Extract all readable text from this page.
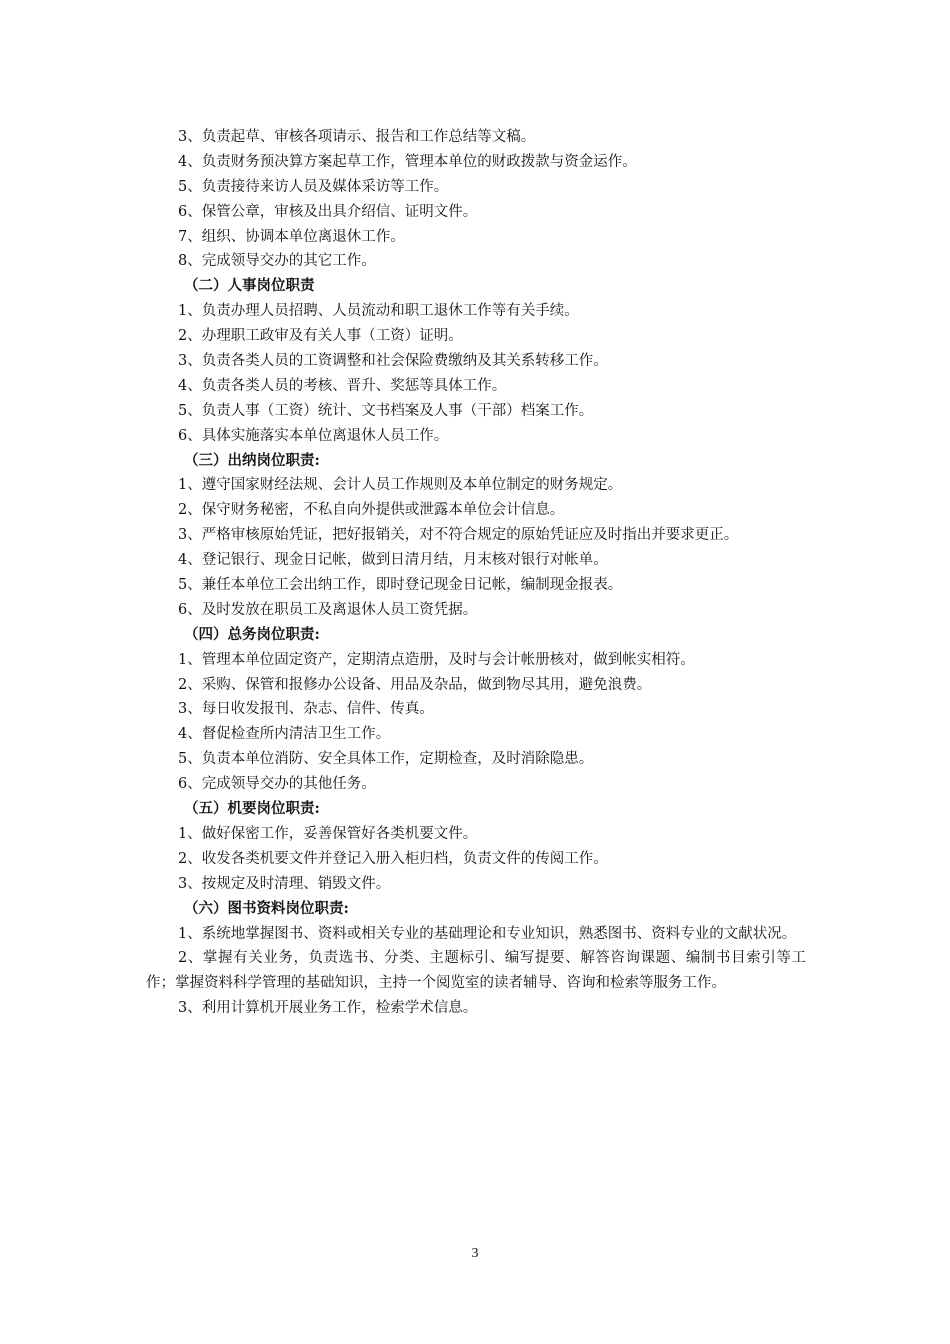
3、负责起草、审核各项请示、报告和工作总结等文稿。
4、负责财务预决算方案起草工作，管理本单位的财政拨款与资金运作。
5、负责接待来访人员及媒体采访等工作。
6、保管公章，审核及出具介绍信、证明文件。
7、组织、协调本单位离退休工作。
8、完成领导交办的其它工作。
（二）人事岗位职责
1、负责办理人员招聘、人员流动和职工退休工作等有关手续。
2、办理职工政审及有关人事（工资）证明。
3、负责各类人员的工资调整和社会保险费缴纳及其关系转移工作。
4、负责各类人员的考核、晋升、奖惩等具体工作。
5、负责人事（工资）统计、文书档案及人事（干部）档案工作。
6、具体实施落实本单位离退休人员工作。
（三）出纳岗位职责:
1、遵守国家财经法规、会计人员工作规则及本单位制定的财务规定。
2、保守财务秘密，不私自向外提供或泄露本单位会计信息。
3、严格审核原始凭证，把好报销关，对不符合规定的原始凭证应及时指出并要求更正。
4、登记银行、现金日记帐，做到日清月结，月末核对银行对帐单。
5、兼任本单位工会出纳工作，即时登记现金日记帐，编制现金报表。
6、及时发放在职员工及离退休人员工资凭据。
（四）总务岗位职责:
1、管理本单位固定资产，定期清点造册，及时与会计帐册核对，做到帐实相符。
2、采购、保管和报修办公设备、用品及杂品，做到物尽其用，避免浪费。
3、每日收发报刊、杂志、信件、传真。
4、督促检查所内清洁卫生工作。
5、负责本单位消防、安全具体工作，定期检查，及时消除隐患。
6、完成领导交办的其他任务。
（五）机要岗位职责:
1、做好保密工作，妥善保管好各类机要文件。
2、收发各类机要文件并登记入册入柜归档，负责文件的传阅工作。
3、按规定及时清理、销毁文件。
（六）图书资料岗位职责:
1、系统地掌握图书、资料或相关专业的基础理论和专业知识，熟悉图书、资料专业的文献状况。
2、掌握有关业务，负责选书、分类、主题标引、编写提要、解答咨询课题、编制书目索引等工作；掌握资料科学管理的基础知识，主持一个阅览室的读者辅导、咨询和检索等服务工作。
3、利用计算机开展业务工作，检索学术信息。
3
